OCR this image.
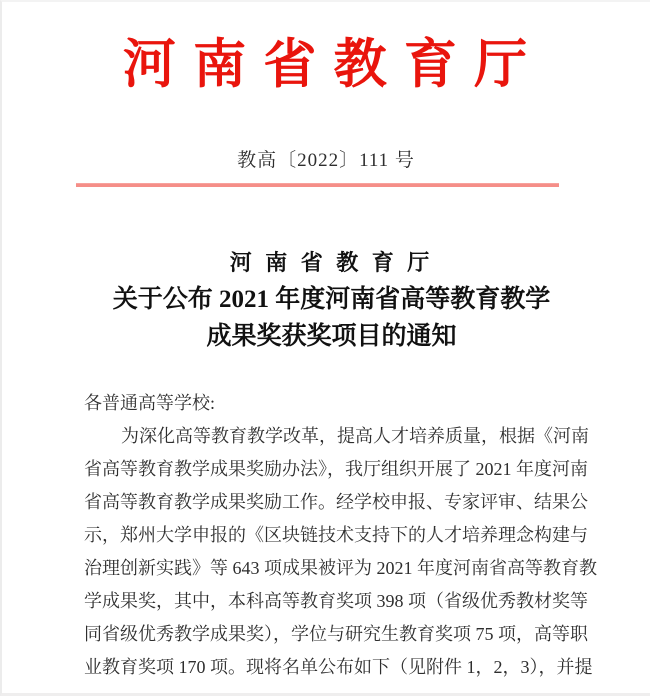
河 南 省 教 育 厅
教高〔2022〕111 号
河 南 省 教 育 厅
关于公布 2021 年度河南省高等教育教学
成果奖获奖项目的通知
各普通高等学校:
为深化高等教育教学改革，提高人才培养质量，根据《河南
省高等教育教学成果奖励办法》，我厅组织开展了 2021 年度河南
省高等教育教学成果奖励工作。经学校申报、专家评审、结果公
示，郑州大学申报的《区块链技术支持下的人才培养理念构建与
治理创新实践》等 643 项成果被评为 2021 年度河南省高等教育教
学成果奖，其中，本科高等教育奖项 398 项（省级优秀教材奖等
同省级优秀教学成果奖），学位与研究生教育奖项 75 项，高等职
业教育奖项 170 项。现将名单公布如下（见附件 1，2，3），并提
